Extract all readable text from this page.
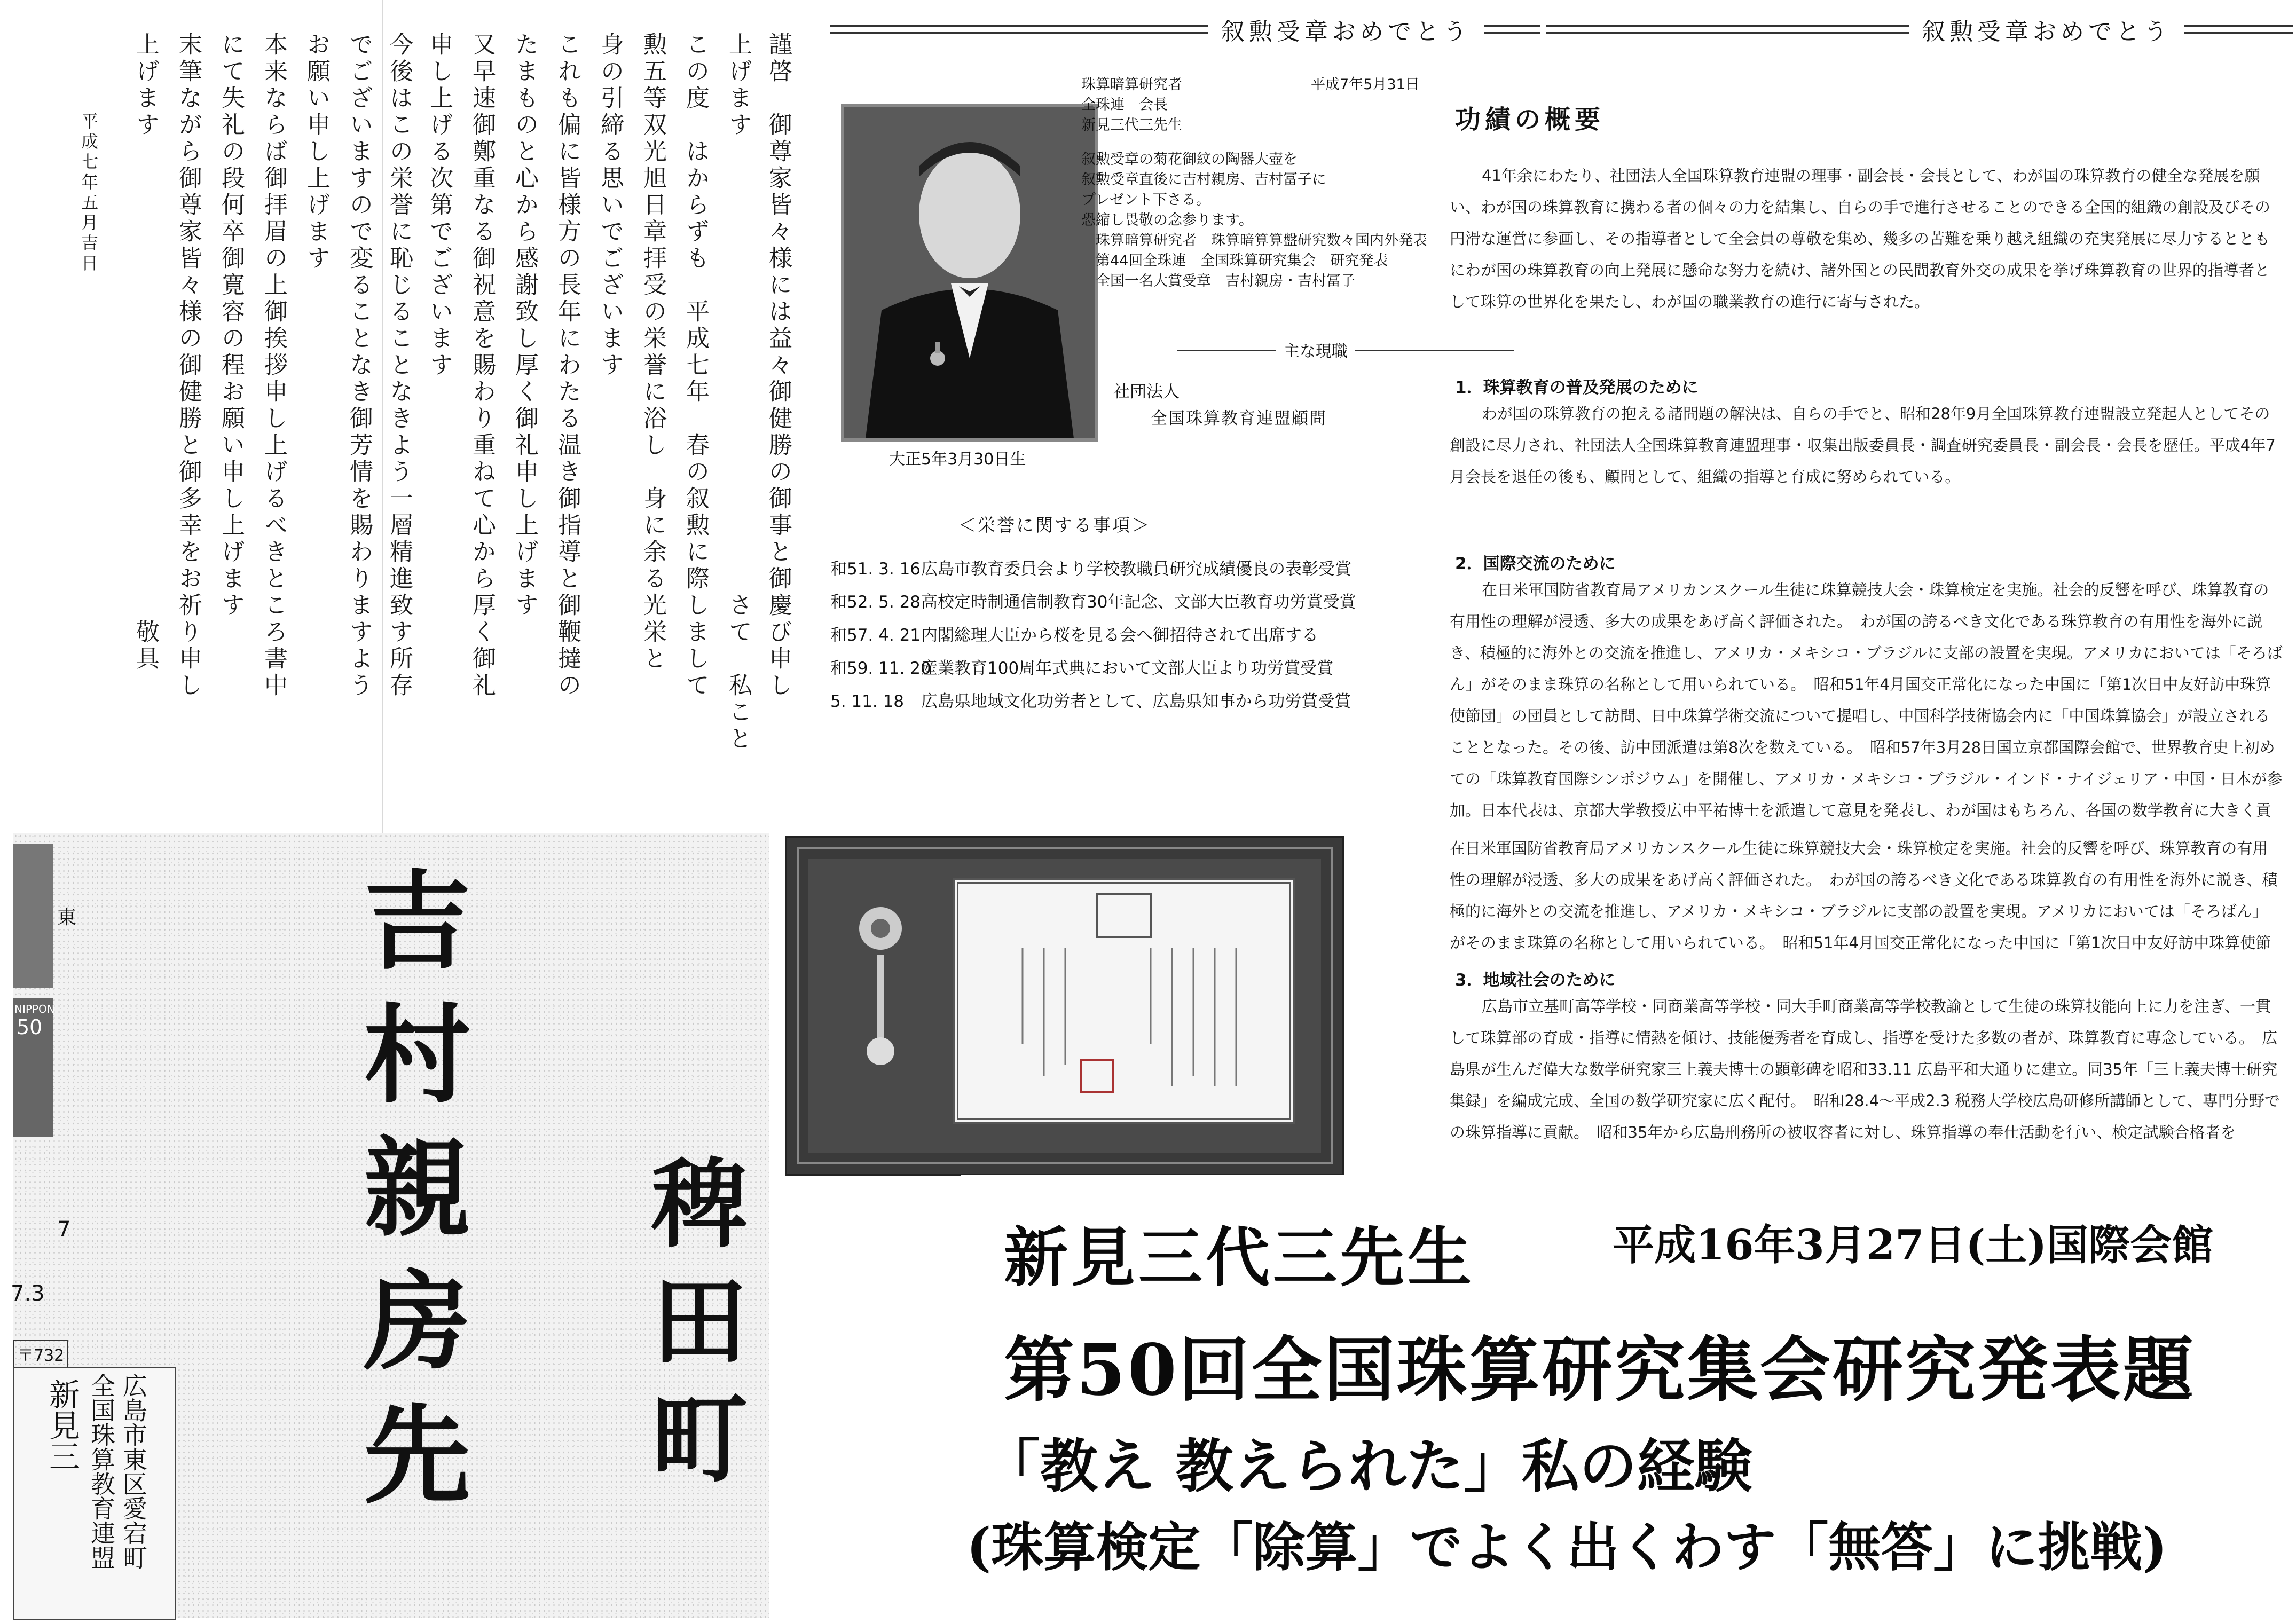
謹啓　御尊家皆々様には益々御健勝の御事と御慶び申し
上げます　　　　　　　　　　　　　　　　　さて　私こと
この度　はからずも　平成七年　春の叙勲に際しまして
勲五等双光旭日章拝受の栄誉に浴し　身に余る光栄と
身の引締る思いでございます
これも偏に皆様方の長年にわたる温き御指導と御鞭撻の
たまものと心から感謝致し厚く御礼申し上げます
又早速御鄭重なる御祝意を賜わり重ねて心から厚く御礼
申し上げる次第でございます
今後はこの栄誉に恥じることなきよう一層精進致す所存
でございますので変ることなき御芳情を賜わりますよう
お願い申し上げます
本来ならば御拝眉の上御挨拶申し上げるべきところ書中
にて失礼の段何卒御寛容の程お願い申し上げます
末筆ながら御尊家皆々様の御健勝と御多幸をお祈り申し
上げます
敬具
平成七年五月吉日
叙勲受章おめでとう	叙勲受章おめでとう
大正5年3月30日生
珠算暗算研究者
全珠連　会長
新見三代三先生
平成7年5月31日
叙勲受章の菊花御紋の陶器大壺を
叙勲受章直後に吉村親房、吉村冨子に
プレゼント下さる。
恐縮し畏敬の念参ります。
　珠算暗算研究者　珠算暗算算盤研究数々国内外発表
　第44回全珠連　全国珠算研究集会　研究発表
　全国一名大賞受章　吉村親房・吉村冨子
主な現職
社団法人
全国珠算教育連盟顧問
＜栄誉に関する事項＞
和51. 3. 16広島市教育委員会より学校教職員研究成績優良の表彰受賞
和52. 5. 28高校定時制通信制教育30年記念、文部大臣教育功労賞受賞
和57. 4. 21内閣総理大臣から桜を見る会へ御招待されて出席する
和59. 11. 20産業教育100周年式典において文部大臣より功労賞受賞
5. 11. 18 広島県地域文化功労者として、広島県知事から功労賞受賞
功績の概要
41年余にわたり、社団法人全国珠算教育連盟の理事・副会長・会長として、わが国の珠算教育の健全な発展を願い、わが国の珠算教育に携わる者の個々の力を結集し、自らの手で進行させることのできる全国的組織の創設及びその円滑な運営に参画し、その指導者として全会員の尊敬を集め、幾多の苦難を乗り越え組織の充実発展に尽力するとともにわが国の珠算教育の向上発展に懸命な努力を続け、諸外国との民間教育外交の成果を挙げ珠算教育の世界的指導者として珠算の世界化を果たし、わが国の職業教育の進行に寄与された。
1．珠算教育の普及発展のために
わが国の珠算教育の抱える諸問題の解決は、自らの手でと、昭和28年9月全国珠算教育連盟設立発起人としてその創設に尽力され、社団法人全国珠算教育連盟理事・収集出版委員長・調査研究委員長・副会長・会長を歴任。平成4年7月会長を退任の後も、顧問として、組織の指導と育成に努められている。
2．国際交流のために
在日米軍国防省教育局アメリカンスクール生徒に珠算競技大会・珠算検定を実施。社会的反響を呼び、珠算教育の有用性の理解が浸透、多大の成果をあげ高く評価された。　わが国の誇るべき文化である珠算教育の有用性を海外に説き、積極的に海外との交流を推進し、アメリカ・メキシコ・ブラジルに支部の設置を実現。アメリカにおいては「そろばん」がそのまま珠算の名称として用いられている。　昭和51年4月国交正常化になった中国に「第1次日中友好訪中珠算使節団」の団員として訪問、日中珠算学術交流について提唱し、中国科学技術協会内に「中国珠算協会」が設立されることとなった。その後、訪中団派遣は第8次を数えている。　昭和57年3月28日国立京都国際会館で、世界教育史上初めての「珠算教育国際シンポジウム」を開催し、アメリカ・メキシコ・ブラジル・インド・ナイジェリア・中国・日本が参加。日本代表は、京都大学教授広中平祐博士を派遣して意見を発表し、わが国はもちろん、各国の数学教育に大きく貢
在日米軍国防省教育局アメリカンスクール生徒に珠算競技大会・珠算検定を実施。社会的反響を呼び、珠算教育の有用性の理解が浸透、多大の成果をあげ高く評価された。　わが国の誇るべき文化である珠算教育の有用性を海外に説き、積極的に海外との交流を推進し、アメリカ・メキシコ・ブラジルに支部の設置を実現。アメリカにおいては「そろばん」がそのまま珠算の名称として用いられている。　昭和51年4月国交正常化になった中国に「第1次日中友好訪中珠算使節　
3．地域社会のために
広島市立基町高等学校・同商業高等学校・同大手町商業高等学校教諭として生徒の珠算技能向上に力を注ぎ、一貫して珠算部の育成・指導に情熱を傾け、技能優秀者を育成し、指導を受けた多数の者が、珠算教育に専念している。　広島県が生んだ偉大な数学研究家三上義夫博士の顕彰碑を昭和33.11 広島平和大通りに建立。同35年「三上義夫博士研究集録」を編成完成、全国の数学研究家に広く配付。　昭和28.4～平成2.3 税務大学校広島研修所講師として、専門分野での珠算指導に貢献。　昭和35年から広島刑務所の被収容者に対し、珠算指導の奉仕活動を行い、検定試験合格者を
NIPPON
50
東
7
7.3
〒732
広島市東区愛宕町
全国珠算教育連盟
新見三 吉村親房先 稗田町	新見三代三先生	平成16年3月27日(土)国際会館
第50回全国珠算研究集会研究発表題
「教え 教えられた」私の経験
(珠算検定「除算」でよく出くわす「無答」に挑戦)
